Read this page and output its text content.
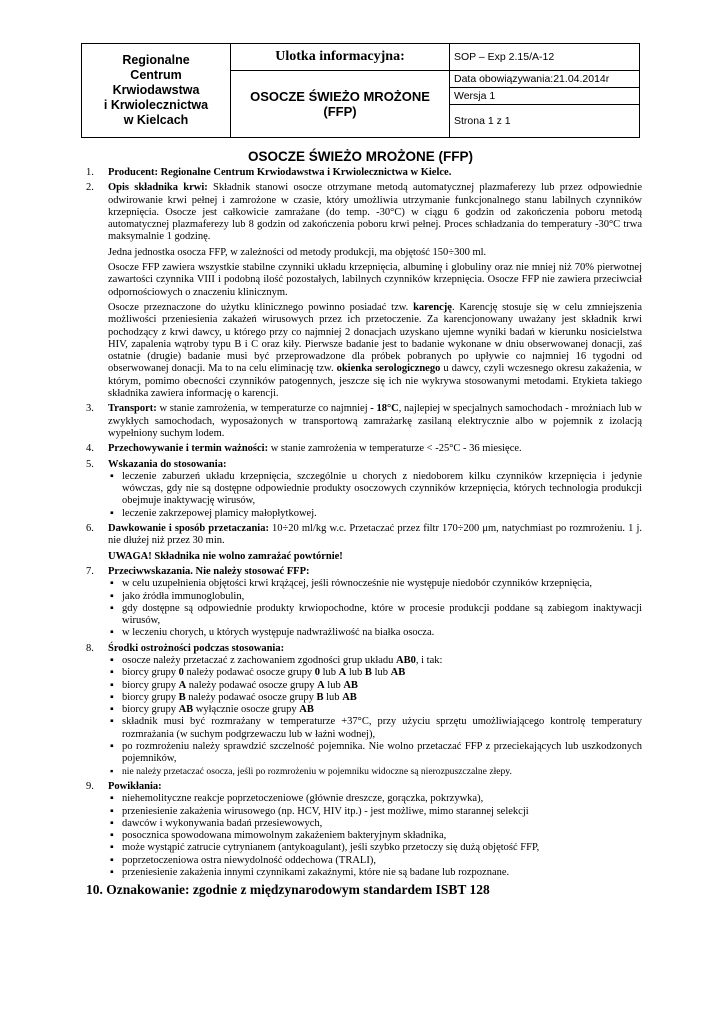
Regionalne
Centrum
Krwiodawstwa
i Krwiolecznictwa
w Kielcach	Ulotka informacyjna:	SOP – Exp 2.15/A-12

	OSOCZE ŚWIEŻO MROŻONE
(FFP)	Data obowiązywania:21.04.2014r
		Wersja 1
		Strona 1 z 1
OSOCZE ŚWIEŻO MROŻONE (FFP)
1. Producent: Regionalne Centrum Krwiodawstwa i Krwiolecznictwa w Kielce.
2. Opis składnika krwi: Składnik stanowi osocze otrzymane metodą automatycznej plazmaferezy lub przez odpowiednie odwirowanie krwi pełnej i zamrożone w czasie, który umożliwia utrzymanie funkcjonalnego stanu labilnych czynników krzepnięcia. Osocze jest całkowicie zamrażane (do temp. -30°C) w ciągu 6 godzin od zakończenia poboru metodą automatycznej plazmaferezy lub 8 godzin od zakończenia poboru krwi pełnej. Proces schładzania do temperatury -30°C trwa maksymalnie 1 godzinę.

Jedna jednostka osocza FFP, w zależności od metody produkcji, ma objętość 150÷300 ml.

Osocze FFP zawiera wszystkie stabilne czynniki układu krzepnięcia, albuminę i globuliny oraz nie mniej niż 70% pierwotnej zawartości czynnika VIII i podobną ilość pozostałych, labilnych czynników krzepnięcia. Osocze FFP nie zawiera przeciwciał odpornościowych o znaczeniu klinicznym.

Osocze przeznaczone do użytku klinicznego powinno posiadać tzw. karencję. Karencję stosuje się w celu zmniejszenia możliwości przeniesienia zakażeń wirusowych przez ich przetoczenie. Za karencjonowany uważany jest składnik krwi pochodzący z krwi dawcy, u którego przy co najmniej 2 donacjach uzyskano ujemne wyniki badań w kierunku nosicielstwa HIV, zapalenia wątroby typu B i C oraz kiły. Pierwsze badanie jest to badanie wykonane w dniu obserwowanej donacji, zaś ostatnie (drugie) badanie musi być przeprowadzone dla próbek pobranych po upływie co najmniej 16 tygodni od obserwowanej donacji. Ma to na celu eliminację tzw. okienka serologicznego u dawcy, czyli wczesnego okresu zakażenia, w którym, pomimo obecności czynników patogennych, jeszcze się ich nie wykrywa stosowanymi metodami. Etykieta takiego składnika zawiera informację o karencji.

3. Transport: w stanie zamrożenia, w temperaturze co najmniej - 18°C, najlepiej w specjalnych samochodach - mrożniach lub w zwykłych samochodach, wyposażonych w transportową zamrażarkę zasilaną elektrycznie albo w pojemnik z izolacją wypełniony suchym lodem.
4. Przechowywanie i termin ważności: w stanie zamrożenia w temperaturze < -25°C - 36 miesięce.
5. Wskazania do stosowania:
▪ leczenie zaburzeń układu krzepnięcia, szczególnie u chorych z niedoborem kilku czynników krzepnięcia i jedynie wówczas, gdy nie są dostępne odpowiednie produkty osoczowych czynników krzepnięcia, których technologia produkcji obejmuje inaktywację wirusów,
▪ leczenie zakrzepowej plamicy małopłytkowej.
6. Dawkowanie i sposób przetaczania: 10÷20 ml/kg w.c. Przetaczać przez filtr 170÷200 μm, natychmiast po rozmrożeniu. 1 j. nie dłużej niż przez 30 min.

UWAGA! Składnika nie wolno zamrażać powtórnie!

7. Przeciwwskazania. Nie należy stosować FFP:
▪ w celu uzupełnienia objętości krwi krążącej, jeśli równocześnie nie występuje niedobór czynników krzepnięcia,
▪ jako źródła immunoglobulin,
▪ gdy dostępne są odpowiednie produkty krwiopochodne, które w procesie produkcji poddane są zabiegom inaktywacji wirusów,
▪ w leczeniu chorych, u których występuje nadwrażliwość na białka osocza.
8. Środki ostrożności podczas stosowania:
▪ osocze należy przetaczać z zachowaniem zgodności grup układu AB0, i tak:
▪ biorcy grupy 0 należy podawać osocze grupy 0 lub A lub B lub AB
▪ biorcy grupy A należy podawać osocze grupy A lub AB
▪ biorcy grupy B należy podawać osocze grupy B lub AB
▪ biorcy grupy AB wyłącznie osocze grupy AB
▪ składnik musi być rozmrażany w temperaturze +37°C, przy użyciu sprzętu umożliwiającego kontrolę temperatury rozmrażania (w suchym podgrzewaczu lub w łaźni wodnej),
▪ po rozmrożeniu należy sprawdzić szczelność pojemnika. Nie wolno przetaczać FFP z przeciekających lub uszkodzonych pojemników,
▪ nie należy przetaczać osocza, jeśli po rozmrożeniu w pojemniku widoczne są nierozpuszczalne złepy.
9. Powikłania:
▪ niehemolityczne reakcje poprzetoczeniowe (głównie dreszcze, gorączka, pokrzywka),
▪ przeniesienie zakażenia wirusowego (np. HCV, HIV itp.) - jest możliwe, mimo starannej selekcji
▪ dawców i wykonywania badań przesiewowych,
▪ posocznica spowodowana mimowolnym zakażeniem bakteryjnym składnika,
▪ może wystąpić zatrucie cytrynianem (antykoagulant), jeśli szybko przetoczy się dużą objętość FFP,
▪ poprzetoczeniowa ostra niewydolność oddechowa (TRALI),
▪ przeniesienie zakażenia innymi czynnikami zakaźnymi, które nie są badane lub rozpoznane.
10. Oznakowanie: zgodnie z międzynarodowym standardem ISBT 128
